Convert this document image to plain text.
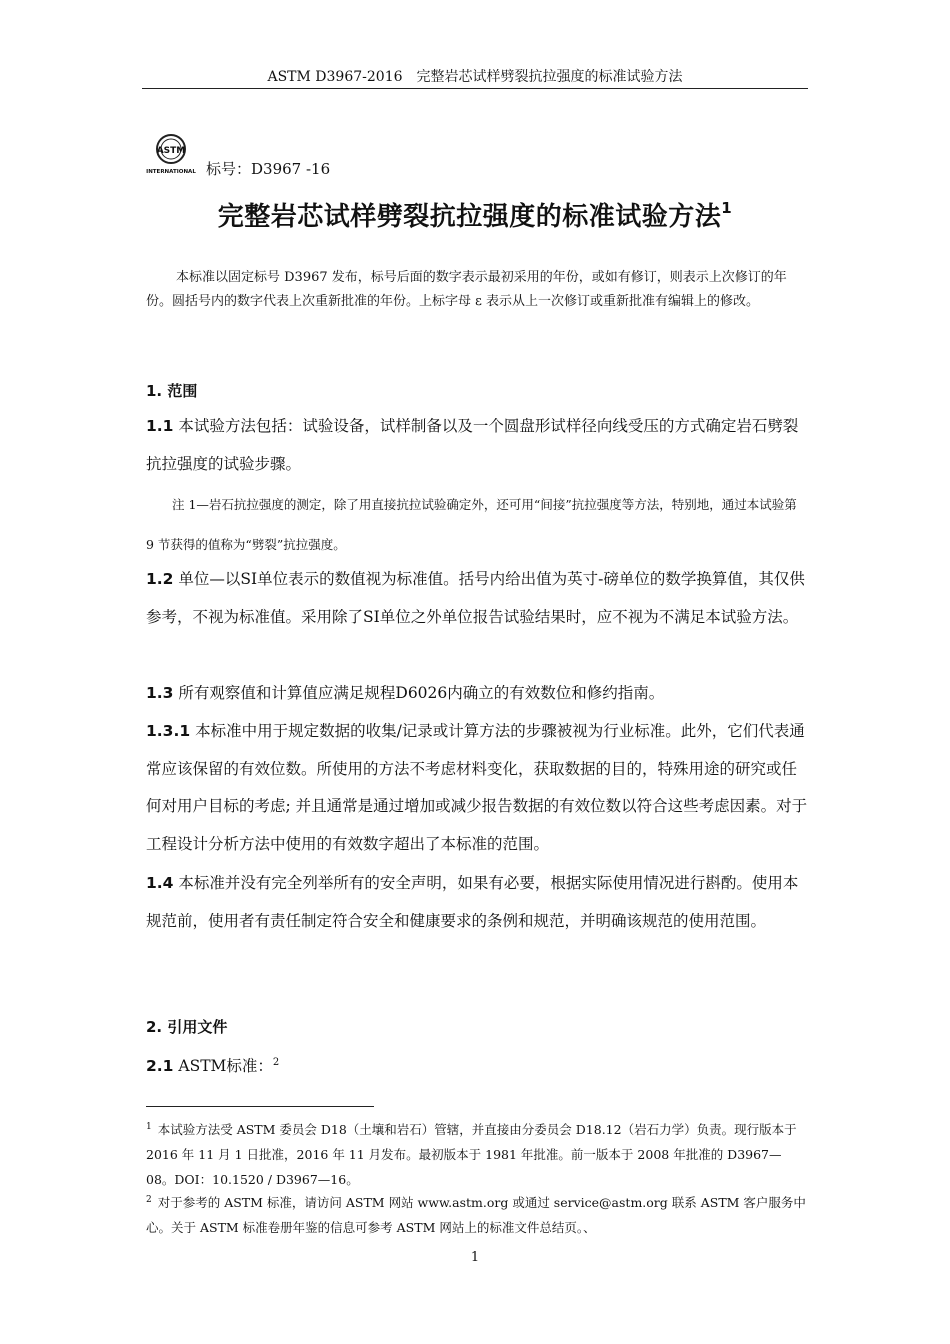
ASTM D3967-2016　完整岩芯试样劈裂抗拉强度的标准试验方法
ASTM
INTERNATIONAL 标号：D3967 -16
完整岩芯试样劈裂抗拉强度的标准试验方法$^1$
本标准以固定标号 D3967 发布，标号后面的数字表示最初采用的年份，或如有修订，则表示上次修订的年份。圆括号内的数字代表上次重新批准的年份。上标字母 ε 表示从上一次修订或重新批准有编辑上的修改。
1. 范围
1.1 本试验方法包括：试验设备，试样制备以及一个圆盘形试样径向线受压的方式确定岩石劈裂抗拉强度的试验步骤。
注 1—岩石抗拉强度的测定，除了用直接抗拉试验确定外，还可用“间接”抗拉强度等方法，特别地，通过本试验第 9 节获得的值称为“劈裂”抗拉强度。
1.2 单位—以SI单位表示的数值视为标准值。括号内给出值为英寸-磅单位的数学换算值，其仅供参考，不视为标准值。采用除了SI单位之外单位报告试验结果时，应不视为不满足本试验方法。
1.3 所有观察值和计算值应满足规程D6026内确立的有效数位和修约指南。
1.3.1 本标准中用于规定数据的收集/记录或计算方法的步骤被视为行业标准。此外，它们代表通常应该保留的有效位数。所使用的方法不考虑材料变化，获取数据的目的，特殊用途的研究或任何对用户目标的考虑; 并且通常是通过增加或减少报告数据的有效位数以符合这些考虑因素。对于工程设计分析方法中使用的有效数字超出了本标准的范围。
1.4 本标准并没有完全列举所有的安全声明，如果有必要，根据实际使用情况进行斟酌。使用本规范前，使用者有责任制定符合安全和健康要求的条例和规范，并明确该规范的使用范围。
2. 引用文件
2.1 ASTM标准：$^2$
$^1$ 本试验方法受 ASTM 委员会 D18（土壤和岩石）管辖，并直接由分委员会 D18.12（岩石力学）负责。现行版本于 2016 年 11 月 1 日批准，2016 年 11 月发布。最初版本于 1981 年批准。前一版本于 2008 年批准的 D3967—08。DOI：10.1520 / D3967—16。
$^2$ 对于参考的 ASTM 标准，请访问 ASTM 网站 www.astm.org 或通过 service@astm.org 联系 ASTM 客户服务中心。关于 ASTM 标准卷册年鉴的信息可参考 ASTM 网站上的标准文件总结页。、
1
